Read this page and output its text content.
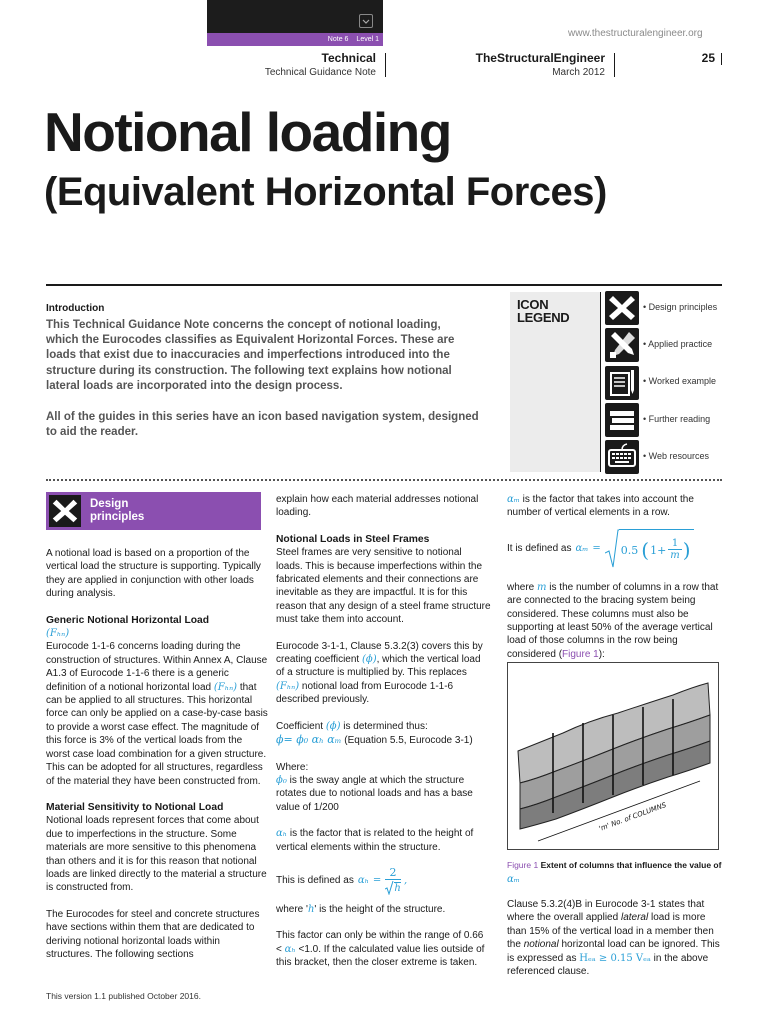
Note 6 Level 1
www.thestructuralengineer.org
Technical
Technical Guidance Note
TheStructuralEngineer
March 2012
25
Notional loading
(Equivalent Horizontal Forces)
Introduction
This Technical Guidance Note concerns the concept of notional loading, which the Eurocodes classifies as Equivalent Horizontal Forces. These are loads that exist due to inaccuracies and imperfections introduced into the structure during its construction. The following text explains how notional lateral loads are incorporated into the design process.
All of the guides in this series have an icon based navigation system, designed to aid the reader.
ICON
LEGEND
• Design principles
• Applied practice
• Worked example
• Further reading
• Web resources
Design
principles

A notional load is based on a proportion of the vertical load the structure is supporting. Typically they are applied in conjunction with other loads during analysis.

Generic Notional Horizontal Load
(Fₕₙ)

Eurocode 1-1-6 concerns loading during the construction of structures. Within Annex A, Clause A1.3 of Eurocode 1-1-6 there is a generic definition of a notional horizontal load (Fₕₙ) that can be applied to all structures. This horizontal force can only be applied on a case-by-case basis to provide a worst case effect. The magnitude of this force is 3% of the vertical loads from the worst case load combination for a given structure. This can be adopted for all structures, regardless of the material they have been constructed from.

Material Sensitivity to Notional Load

Notional loads represent forces that come about due to imperfections in the structure. Some materials are more sensitive to this phenomena than others and it is for this reason that notional loads are linked directly to the material a structure is constructed from.

The Eurocodes for steel and concrete structures have sections within them that are dedicated to deriving notional horizontal loads within structures. The following sections

explain how each material addresses notional loading.

Notional Loads in Steel Frames

Steel frames are very sensitive to notional loads. This is because imperfections within the fabricated elements and their connections are inevitable as they are impactful. It is for this reason that any design of a steel frame structure must take them into account.

Eurocode 3-1-1, Clause 5.3.2(3) covers this by creating coefficient (ϕ), which the vertical load of a structure is multiplied by. This replaces (Fₕₙ) notional load from Eurocode 1-1-6 described previously.

Coefficient (ϕ) is determined thus:

ϕ= ϕ₀ αₕ αₘ (Equation 5.5, Eurocode 3-1)

Where:

ϕ₀ is the sway angle at which the structure rotates due to notional loads and has a base value of 1/200

αₕ is the factor that is related to the height of vertical elements within the structure.

This is defined as $\alpha_h = \frac{2}{h}$ ,

where 'h' is the height of the structure.

This factor can only be within the range of 0.66 < αₕ <1.0. If the calculated value lies outside of this bracket, then the closer extreme is taken.

αₘ is the factor that takes into account the number of vertical elements in a row.

It is defined as αₘ = 0.5 ( $1+ \frac{1}{m}$ )

where m is the number of columns in a row that are connected to the bracing system being considered. These columns must also be supporting at least 50% of the average vertical load of those columns in the row being considered (Figure 1):

'm' No. of COLUMNS
Figure 1 Extent of columns that influence the value of αₘ

Clause 5.3.2(4)B in Eurocode 3-1 states that where the overall applied lateral load is more than 15% of the vertical load in a member then the notional horizontal load can be ignored. This is expressed as Hₑₐ ≥ 0.15 Vₑₐ in the above referenced clause.

This version 1.1 published October 2016.
